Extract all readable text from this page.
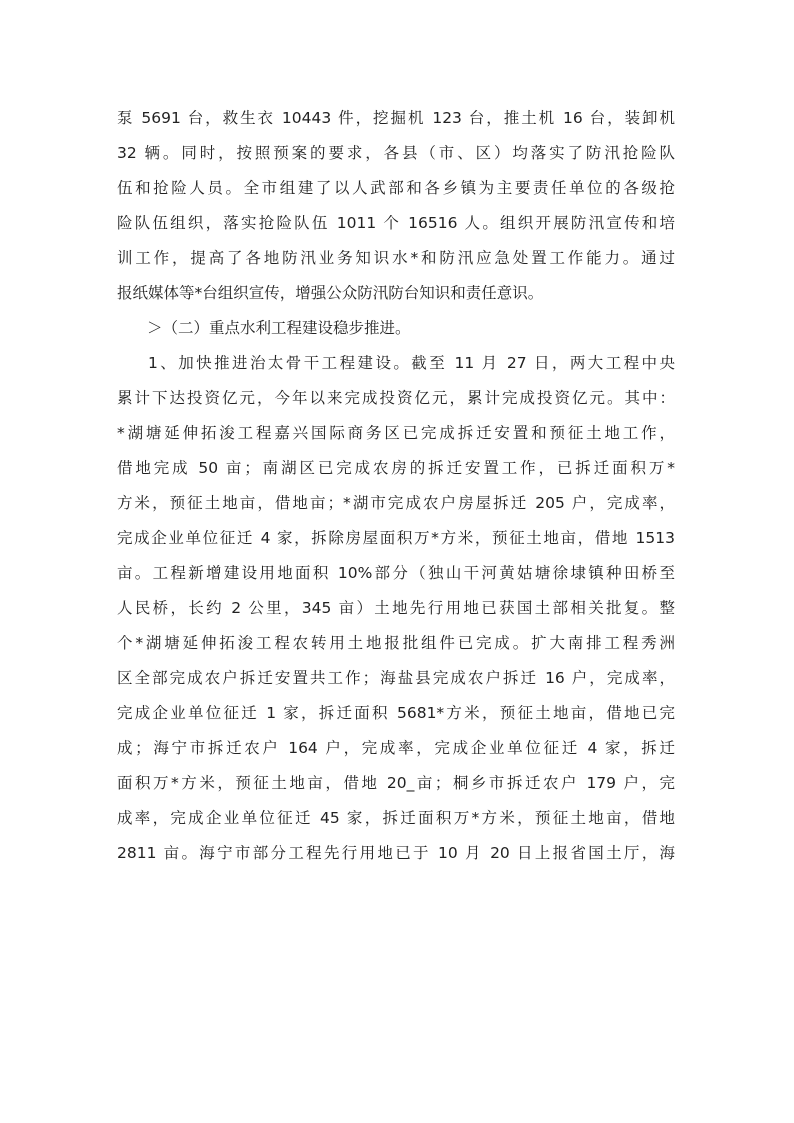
泵 5691 台，救生衣 10443 件，挖掘机 123 台，推土机 16 台，装卸机
32 辆。同时，按照预案的要求，各县（市、区）均落实了防汛抢险队
伍和抢险人员。全市组建了以人武部和各乡镇为主要责任单位的各级抢
险队伍组织，落实抢险队伍 1011 个 16516 人。组织开展防汛宣传和培
训工作，提高了各地防汛业务知识水*和防汛应急处置工作能力。通过
报纸媒体等*台组织宣传，增强公众防汛防台知识和责任意识。
＞（二）重点水利工程建设稳步推进。
1、加快推进治太骨干工程建设。截至 11 月 27 日，两大工程中央
累计下达投资亿元，今年以来完成投资亿元，累计完成投资亿元。其中：
*湖塘延伸拓浚工程嘉兴国际商务区已完成拆迁安置和预征土地工作，
借地完成 50 亩；南湖区已完成农房的拆迁安置工作，已拆迁面积万*
方米，预征土地亩，借地亩；*湖市完成农户房屋拆迁 205 户，完成率，
完成企业单位征迁 4 家，拆除房屋面积万*方米，预征土地亩，借地 1513
亩。工程新增建设用地面积 10%部分（独山干河黄姑塘徐埭镇种田桥至
人民桥，长约 2 公里，345 亩）土地先行用地已获国土部相关批复。整
个*湖塘延伸拓浚工程农转用土地报批组件已完成。扩大南排工程秀洲
区全部完成农户拆迁安置共工作；海盐县完成农户拆迁 16 户，完成率，
完成企业单位征迁 1 家，拆迁面积 5681*方米，预征土地亩，借地已完
成；海宁市拆迁农户 164 户，完成率，完成企业单位征迁 4 家，拆迁
面积万*方米，预征土地亩，借地 20_亩；桐乡市拆迁农户 179 户，完
成率，完成企业单位征迁 45 家，拆迁面积万*方米，预征土地亩，借地
2811 亩。海宁市部分工程先行用地已于 10 月 20 日上报省国土厅，海
